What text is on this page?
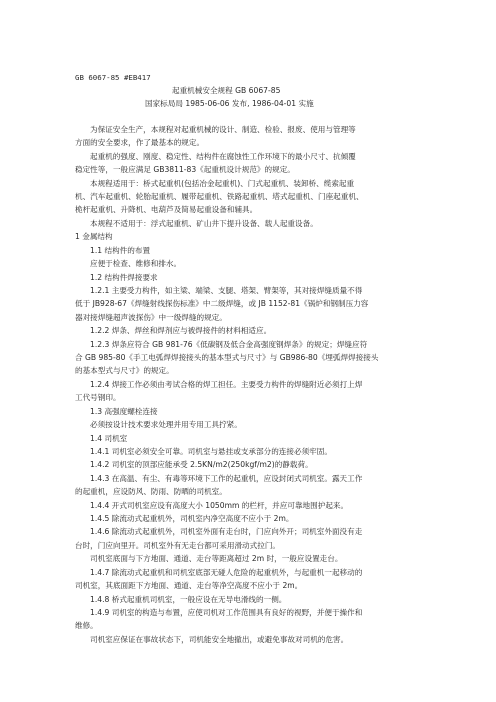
GB 6067-85 #EB417
起重机械安全规程 GB 6067-85
国家标局局 1985-06-06 发布, 1986-04-01 实施
为保证安全生产，本规程对起重机械的设计、制造、检验、报废、使用与管理等
方面的安全要求，作了最基本的规定。
起重机的强度、刚度、稳定性、结构件在腐蚀性工作环境下的最小尺寸、抗倾覆
稳定性等，一般应满足 GB3811-83《起重机设计规范》的规定。
本规程适用于：桥式起重机(包括冶金起重机)、门式起重机、装卸桥、缆索起重
机、汽车起重机、轮胎起重机、履带起重机、铁路起重机、塔式起重机、门座起重机、
桅杆起重机、升降机、电葫芦及简易起重设备和辅具。
本规程不适用于：浮式起重机、矿山井下提升设备、载人起重设备。
1 金属结构
1.1 结构件的布置
应便于检查、维修和排水。
1.2 结构件焊接要求
1.2.1 主要受力构件，如主梁、端梁、支腿、塔架、臂架等，其对接焊缝质量不得
低于 JB928-67《焊缝射线探伤标准》中二级焊缝，或 JB 1152-81《锅炉和钢制压力容
器对接焊缝超声波探伤》中一级焊缝的规定。
1.2.2 焊条、焊丝和焊剂应与被焊接件的材料相适应。
1.2.3 焊条应符合 GB 981-76《低碳钢及低合金高强度钢焊条》的规定；焊缝应符
合 GB 985-80《手工电弧焊焊接接头的基本型式与尺寸》与 GB986-80《埋弧焊焊接接头
的基本型式与尺寸》的规定。
1.2.4 焊接工作必须由考试合格的焊工担任。主要受力构件的焊缝附近必须打上焊
工代号钢印。
1.3 高强度螺栓连接
必须按设计技术要求处理并用专用工具拧紧。
1.4 司机室
1.4.1 司机室必须安全可靠。司机室与悬挂或支承部分的连接必须牢固。
1.4.2 司机室的顶部应能承受 2.5KN/m2(250kgf/m2)的静载荷。
1.4.3 在高温、有尘、有毒等环境下工作的起重机，应设封闭式司机室。露天工作
的起重机，应设防风、防雨、防晒的司机室。
1.4.4 开式司机室应设有高度大小 1050mm 的栏杆，并应可靠地围护起来。
1.4.5 除流动式起重机外，司机室内净空高度不应小于 2m。
1.4.6 除流动式起重机外，司机室外面有走台时，门应向外开；司机室外面没有走
台时，门应向里开。司机室外有无走台都可采用滑动式拉门。
司机室底面与下方地面、通道、走台等距离超过 2m 时，一般应设置走台。
1.4.7 除流动式起重机和司机室底部无碰人危险的起重机外，与起重机一起移动的
司机室，其底面距下方地面、通道、走台等净空高度不应小于 2m。
1.4.8 桥式起重机司机室，一般应设在无导电滑线的一侧。
1.4.9 司机室的构造与布置，应使司机对工作范围具有良好的视野，并便于操作和
维修。
司机室应保证在事故状态下，司机能安全地撤出，或避免事故对司机的危害。
